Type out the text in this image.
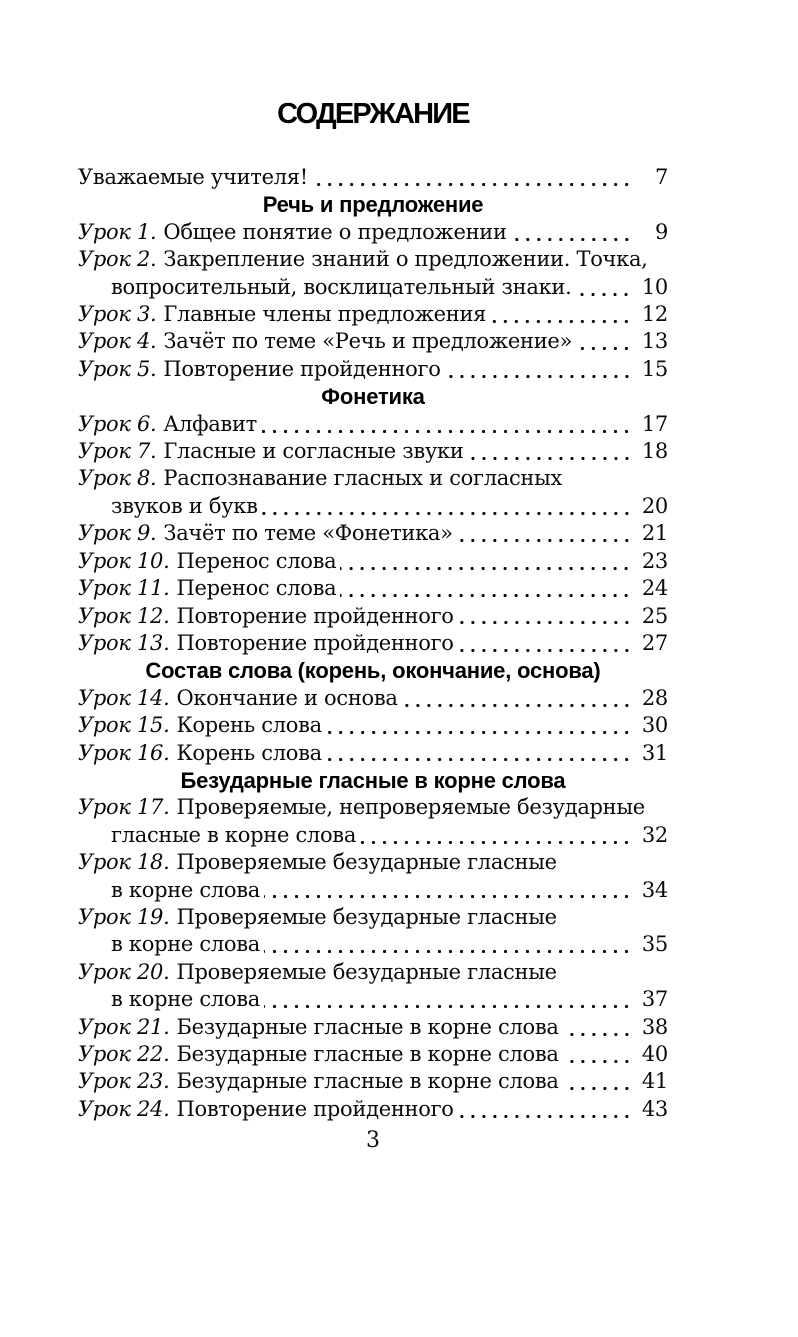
СОДЕРЖАНИЕ
Уважаемые учителя!	7
Речь и предложение
Урок 1. Общее понятие о предложении	9
Урок 2. Закрепление знаний о предложении. Точка,
вопросительный, восклицательный знаки.	10
Урок 3. Главные члены предложения	12
Урок 4. Зачёт по теме «Речь и предложение»	13
Урок 5. Повторение пройденного	15
Фонетика
Урок 6. Алфавит	17
Урок 7. Гласные и согласные звуки	18
Урок 8. Распознавание гласных и согласных
звуков и букв	20
Урок 9. Зачёт по теме «Фонетика»	21
Урок 10. Перенос слова	23
Урок 11. Перенос слова	24
Урок 12. Повторение пройденного	25
Урок 13. Повторение пройденного	27
Состав слова (корень, окончание, основа)
Урок 14. Окончание и основа	28
Урок 15. Корень слова	30
Урок 16. Корень слова	31
Безударные гласные в корне слова
Урок 17. Проверяемые, непроверяемые безударные
гласные в корне слова	32
Урок 18. Проверяемые безударные гласные
в корне слова	34
Урок 19. Проверяемые безударные гласные
в корне слова	35
Урок 20. Проверяемые безударные гласные
в корне слова	37
Урок 21. Безударные гласные в корне слова	38
Урок 22. Безударные гласные в корне слова	40
Урок 23. Безударные гласные в корне слова	41
Урок 24. Повторение пройденного	43
3
